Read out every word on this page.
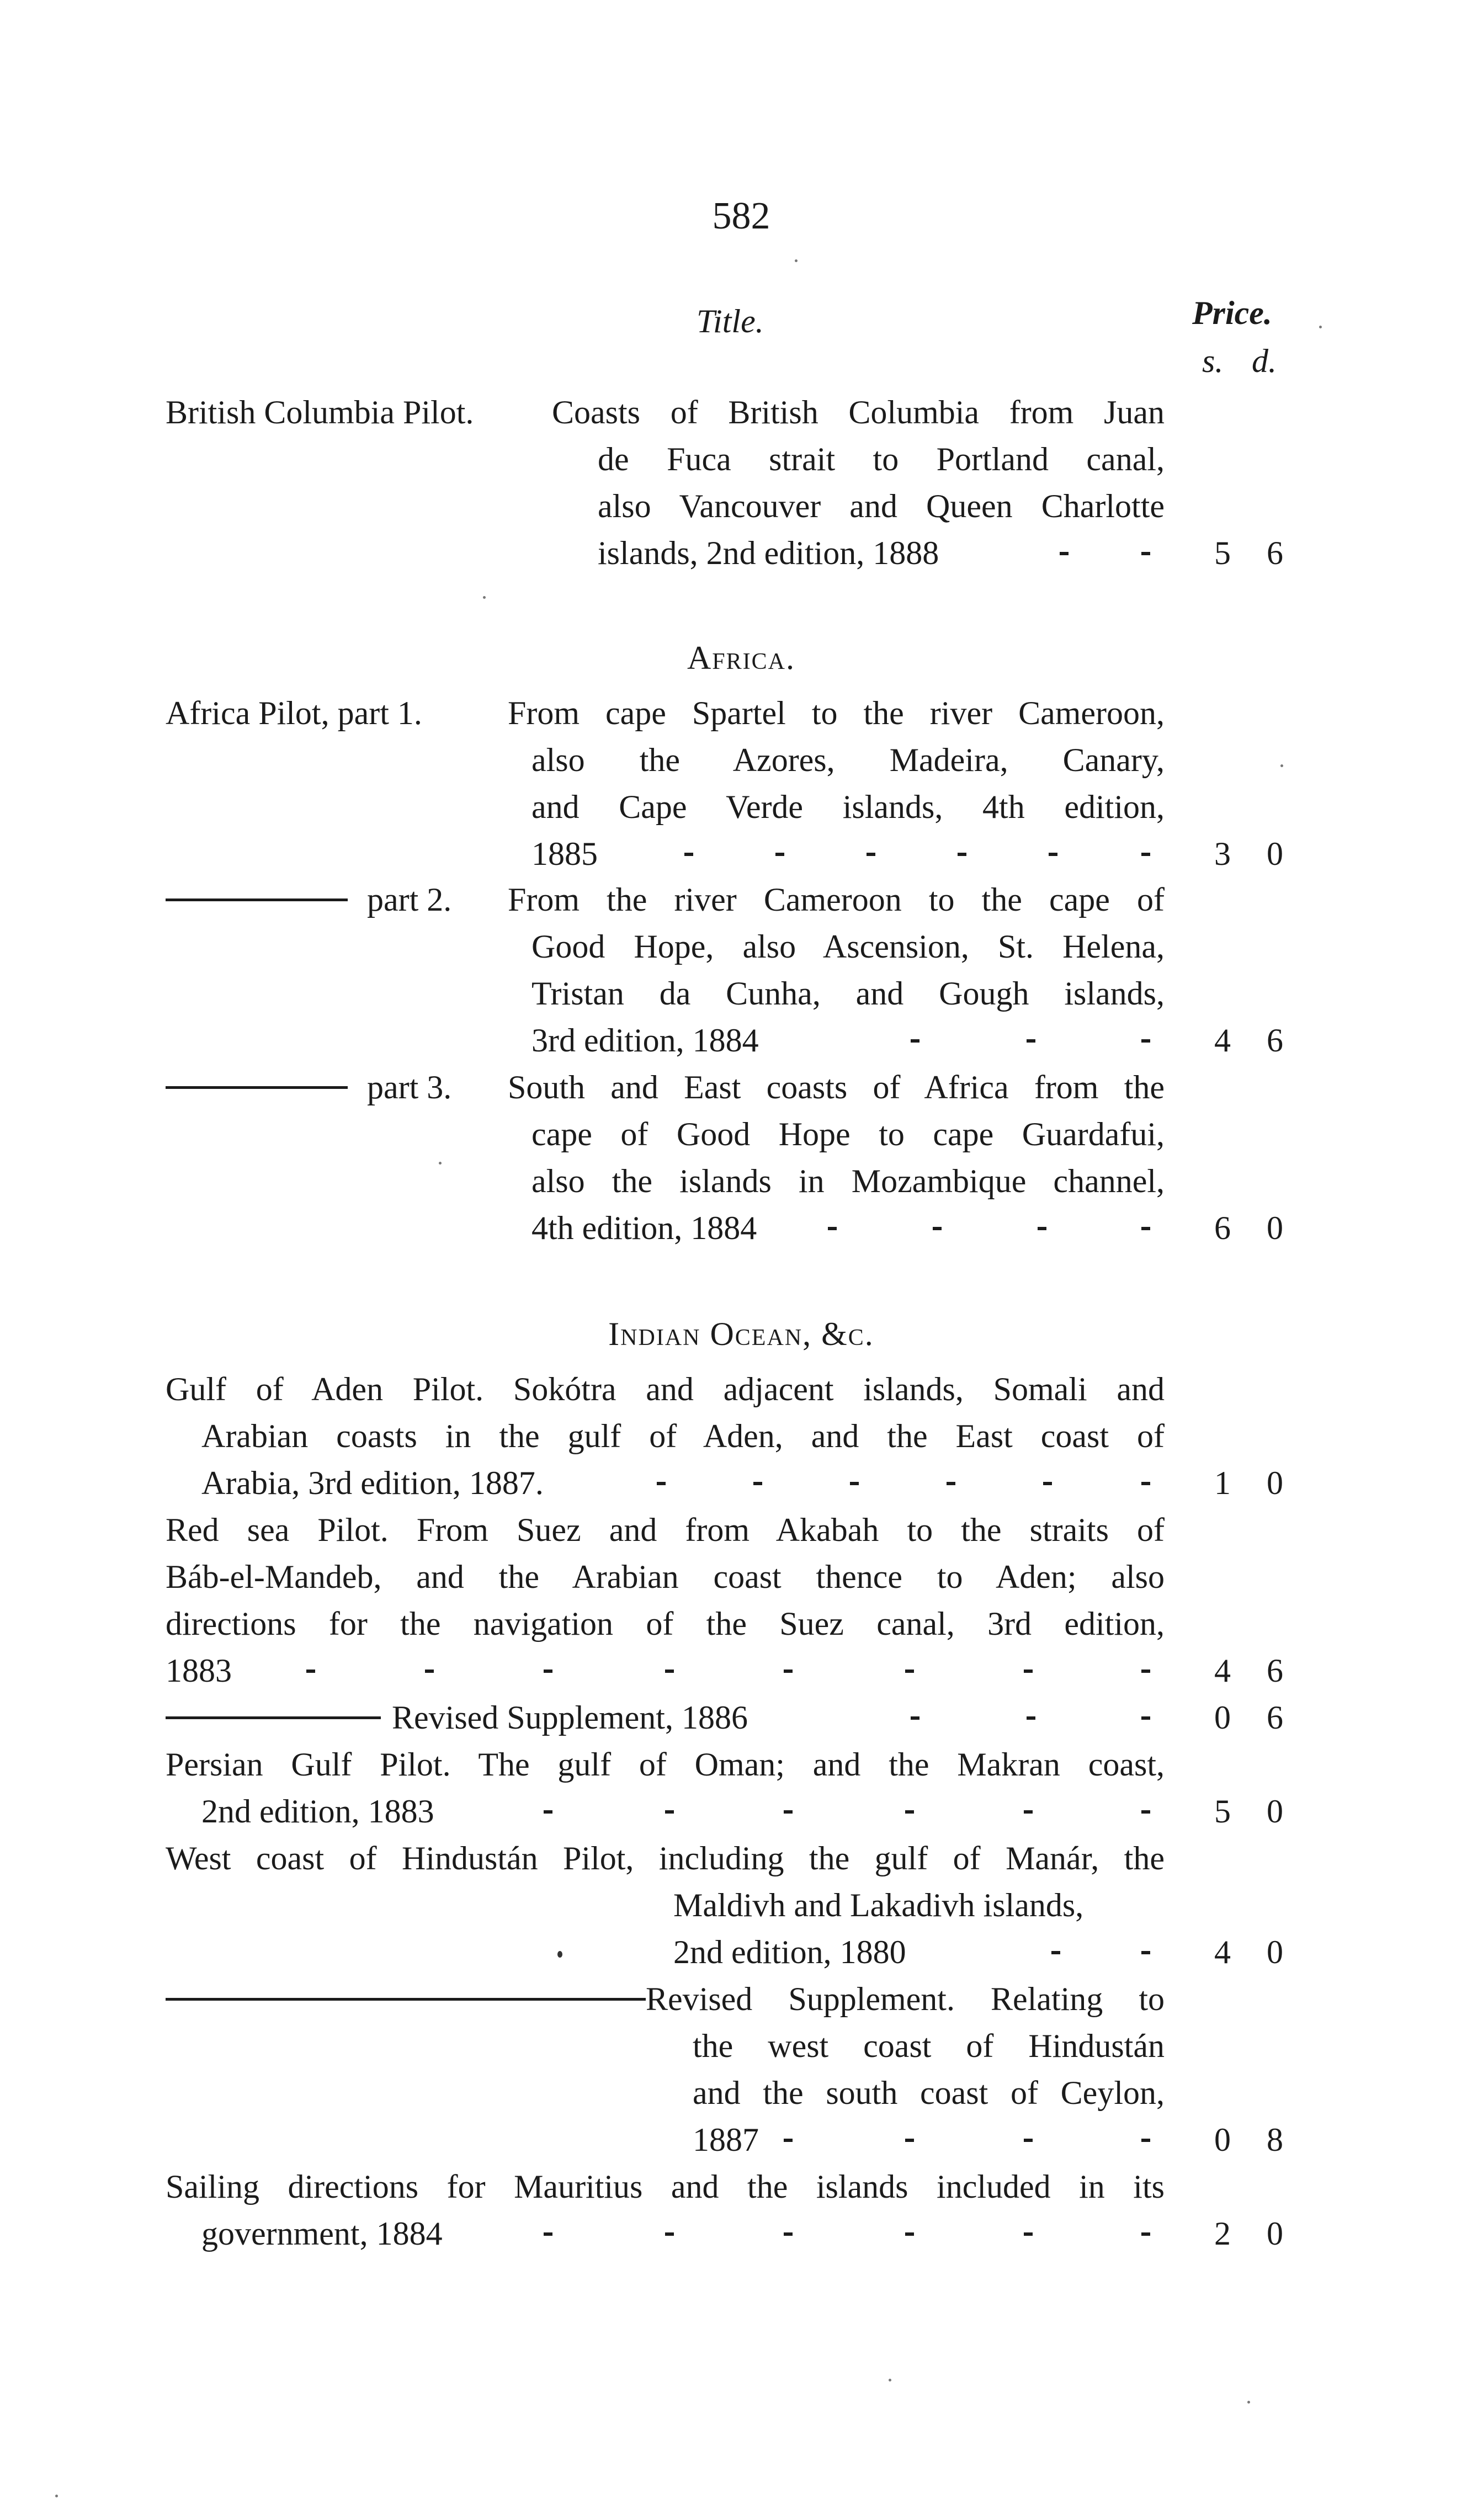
582
Title.	Price.
s. d.
British Columbia Pilot. Coasts of British Columbia from Juan
de Fuca strait to Portland canal,
also Vancouver and Queen Charlotte
islands, 2nd edition, 1888	5 6
Africa.
Africa Pilot, part 1.	From cape Spartel to the river Cameroon,
also the Azores, Madeira, Canary,
and Cape Verde islands, 4th edition,
1885	3 0
part 2. From the river Cameroon to the cape of
Good Hope, also Ascension, St. Helena,
Tristan da Cunha, and Gough islands,
3rd edition, 1884	4 6
part 3. South and East coasts of Africa from the
cape of Good Hope to cape Guardafui,
also the islands in Mozambique channel,
4th edition, 1884	6 0
Indian Ocean, &c.
Gulf of Aden Pilot. Sokótra and adjacent islands, Somali and
Arabian coasts in the gulf of Aden, and the East coast of
Arabia, 3rd edition, 1887.	1 0
Red sea Pilot. From Suez and from Akabah to the straits of
Báb-el-Mandeb, and the Arabian coast thence to Aden; also
directions for the navigation of the Suez canal, 3rd edition,
1883	4 6
Revised Supplement, 1886	0 6
Persian Gulf Pilot. The gulf of Oman; and the Makran coast,
2nd edition, 1883	5 0
West coast of Hindustán Pilot, including the gulf of Manár, the
Maldivh and Lakadivh islands,
2nd edition, 1880	4 0
Revised Supplement. Relating to
the west coast of Hindustán
and the south coast of Ceylon,
1887	0 8
Sailing directions for Mauritius and the islands included in its
government, 1884	2 0
